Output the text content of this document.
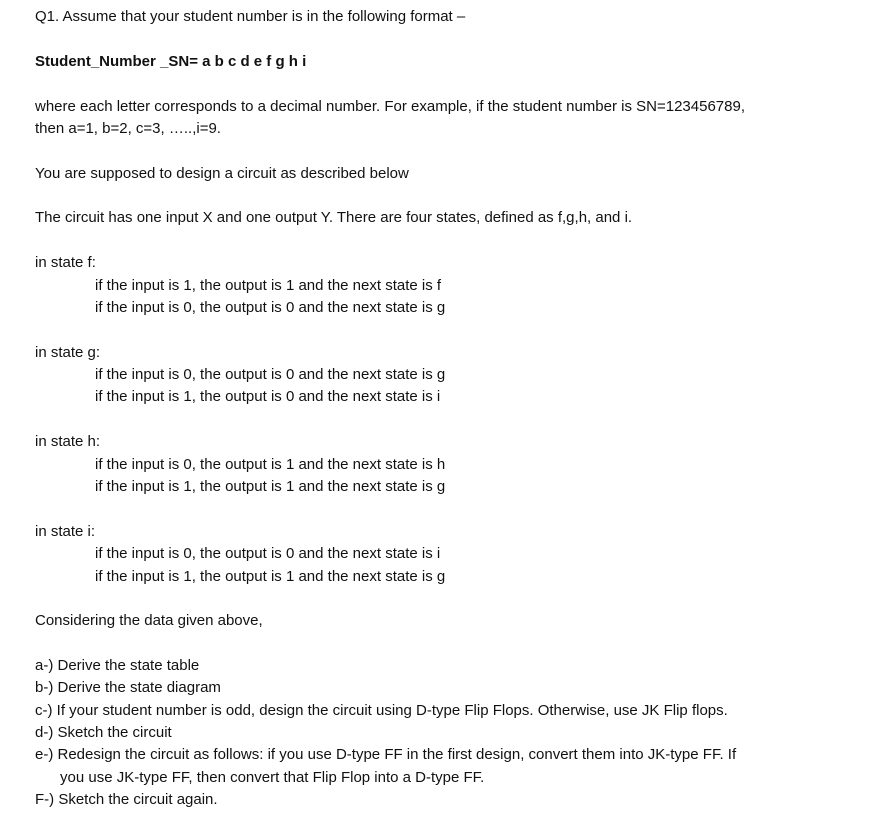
Q1. Assume that your student number is in the following format –
Student_Number _SN= a b c d e f g h i
where each letter corresponds to a decimal number. For example, if the student number is SN=123456789,
then a=1, b=2, c=3, …..,i=9.
You are supposed to design a circuit as described below
The circuit has one input X and one output Y. There are four states, defined as f,g,h, and i.
in state f:
if the input is 1, the output is 1 and the next state is f
if the input is 0, the output is 0 and the next state is g
in state g:
if the input is 0, the output is 0 and the next state is g
if the input is 1, the output is 0 and the next state is i
in state h:
if the input is 0, the output is 1 and the next state is h
if the input is 1, the output is 1 and the next state is g
in state i:
if the input is 0, the output is 0 and the next state is i
if the input is 1, the output is 1 and the next state is g
Considering the data given above,
a-) Derive the state table
b-) Derive the state diagram
c-) If your student number is odd, design the circuit using D-type Flip Flops. Otherwise, use JK Flip flops.
d-) Sketch the circuit
e-) Redesign the circuit as follows: if you use D-type FF in the first design, convert them into JK-type FF. If
you use JK-type FF, then convert that Flip Flop into a D-type FF.
F-) Sketch the circuit again.
